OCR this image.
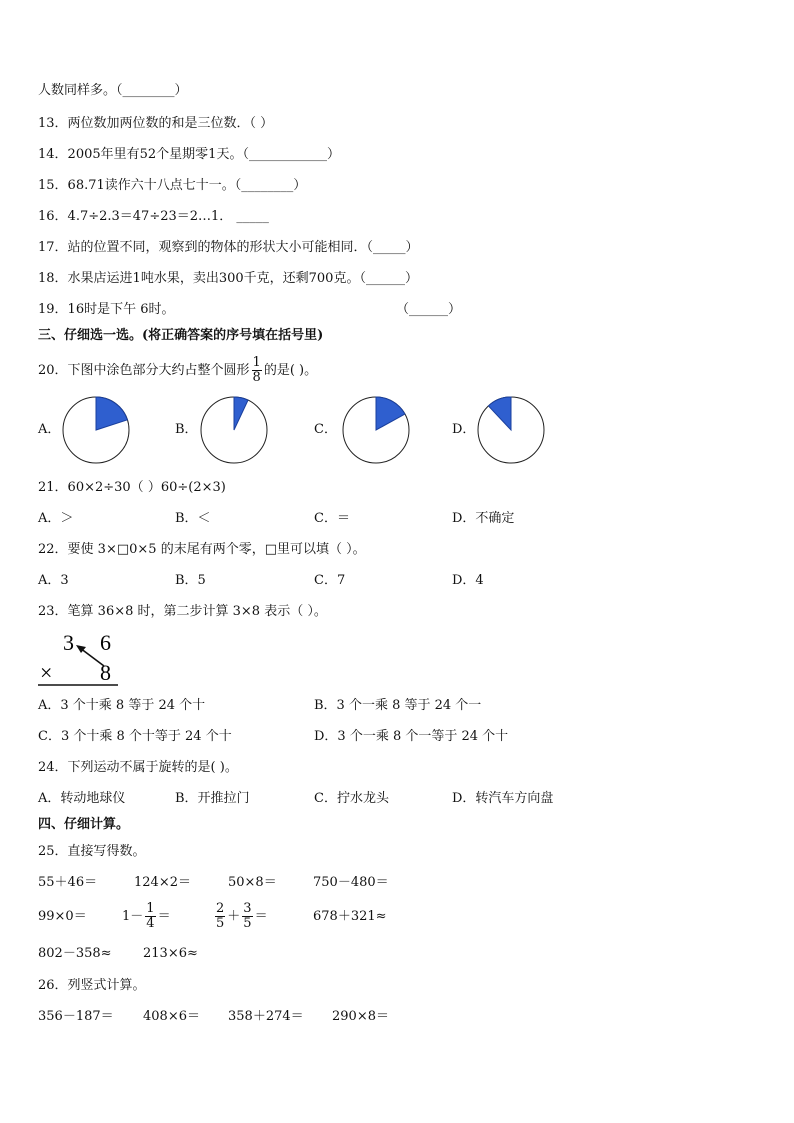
人数同样多。（________）
13．两位数加两位数的和是三位数．（ ）
14．2005年里有52个星期零1天。（____________）
15．68.71读作六十八点七十一。（________）
16．4.7÷2.3＝47÷23＝2…1． _____
17．站的位置不同，观察到的物体的形状大小可能相同．（_____）
18．水果店运进1吨水果，卖出300千克，还剩700克。（______）
19．16时是下午 6时。	（______）
三、仔细选一选。(将正确答案的序号填在括号里)
20．下图中涂色部分大约占整个圆形 $\frac{1}{8}$ 的是( )。
A．	B．	C．	D．
21．60×2÷30（ ）60÷(2×3)
A．＞	B．＜	C．＝	D．不确定
22．要使 3×□0×5 的末尾有两个零，□里可以填（ ）。
A．3	B．5	C．7	D．4
23．笔算 36×8 时，第二步计算 3×8 表示（ ）。
3 6
× 8
A．3 个十乘 8 等于 24 个十	B．3 个一乘 8 等于 24 个一
C．3 个十乘 8 个十等于 24 个十	D．3 个一乘 8 个一等于 24 个十
24．下列运动不属于旋转的是( )。
A．转动地球仪	B．开推拉门	C．拧水龙头	D．转汽车方向盘
四、仔细计算。
25．直接写得数。
55＋46＝	124×2＝	50×8＝	750－480＝
99×0＝	$1- \frac{1}{4}$ ＝	$\frac{2}{5} + \frac{3}{5}$ ＝	678＋321≈
802－358≈ 213×6≈
26．列竖式计算。
356－187＝ 408×6＝ 358＋274＝ 290×8＝
